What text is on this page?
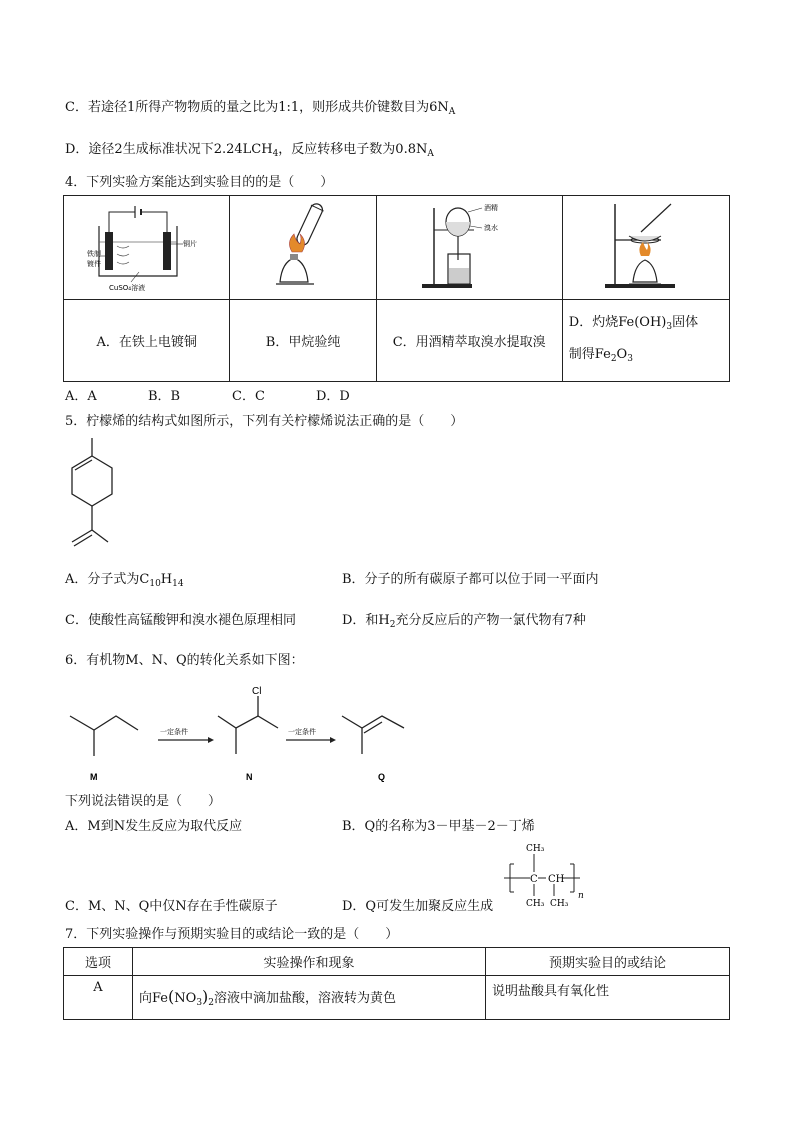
C．若途径1所得产物物质的量之比为1:1，则形成共价键数目为$6N_A$
D．途径2生成标准状况下$2.24LCH_4$，反应转移电子数为$0.8N_A$
4．下列实验方案能达到实验目的的是（　　）
铁制
镀件
铜片
CuSO₄溶液		酒精
溴水

A．在铁上电镀铜	B．甲烷验纯	C．用酒精萃取溴水提取溴	D．灼烧$Fe(OH)_3$固体
制得$Fe_2O_3$
A．A	B．B	C．C	D．D
5．柠檬烯的结构式如图所示，下列有关柠檬烯说法正确的是（　　）
A．分子式为$C_{10}H_{14}$	B．分子的所有碳原子都可以位于同一平面内
C．使酸性高锰酸钾和溴水褪色原理相同	D．和$H_2$充分反应后的产物一氯代物有7种
6．有机物M、N、Q的转化关系如下图：
一定条件	一定条件
Cl
M	N	Q
下列说法错误的是（　　）
A．M到N发生反应为取代反应	B．Q的名称为3－甲基－2－丁烯
C．M、N、Q中仅N存在手性碳原子	D．Q可发生加聚反应生成
CH₃
C CH
CH₃ CH₃
n
7．下列实验操作与预期实验目的或结论一致的是（　　）
选项	实验操作和现象	预期实验目的或结论
A	向$Fe(NO_3)_2$溶液中滴加盐酸，溶液转为黄色	说明盐酸具有氧化性
